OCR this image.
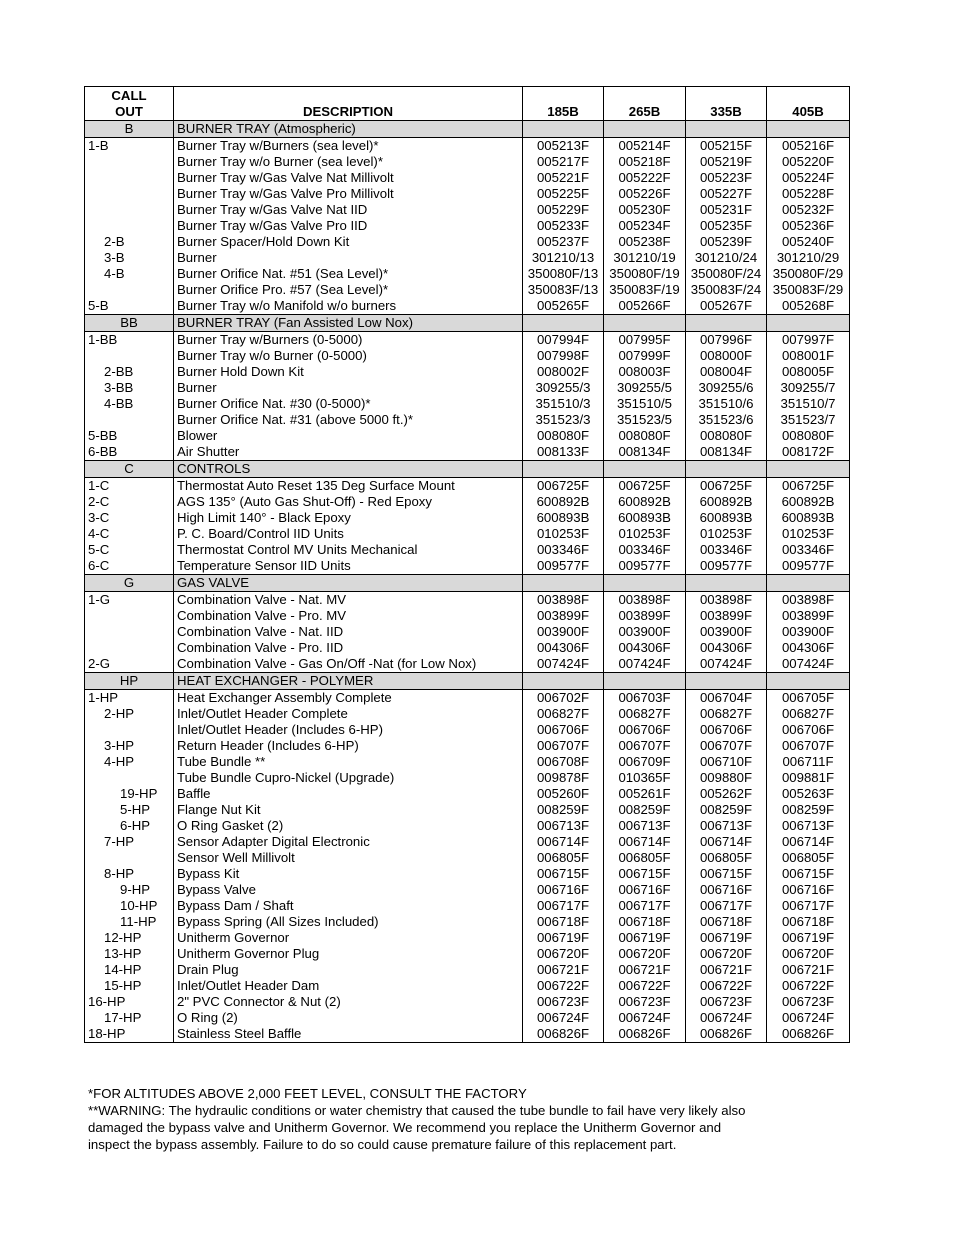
CALL
OUT	DESCRIPTION	185B	265B	335B	405B
B	BURNER TRAY (Atmospheric)				
1-B	Burner Tray w/Burners (sea level)*	005213F	005214F	005215F	005216F
	Burner Tray w/o Burner (sea level)*	005217F	005218F	005219F	005220F
	Burner Tray w/Gas Valve Nat Millivolt	005221F	005222F	005223F	005224F
	Burner Tray w/Gas Valve Pro Millivolt	005225F	005226F	005227F	005228F
	Burner Tray w/Gas Valve Nat IID	005229F	005230F	005231F	005232F
	Burner Tray w/Gas Valve Pro IID	005233F	005234F	005235F	005236F
2-B	Burner Spacer/Hold Down Kit	005237F	005238F	005239F	005240F
3-B	Burner	301210/13	301210/19	301210/24	301210/29
4-B	Burner Orifice Nat. #51 (Sea Level)*	350080F/13	350080F/19	350080F/24	350080F/29
	Burner Orifice Pro. #57 (Sea Level)*	350083F/13	350083F/19	350083F/24	350083F/29
5-B	Burner Tray w/o Manifold w/o burners	005265F	005266F	005267F	005268F
BB	BURNER TRAY (Fan Assisted Low Nox)				
1-BB	Burner Tray w/Burners (0-5000)	007994F	007995F	007996F	007997F
	Burner Tray w/o Burner (0-5000)	007998F	007999F	008000F	008001F
2-BB	Burner Hold Down Kit	008002F	008003F	008004F	008005F
3-BB	Burner	309255/3	309255/5	309255/6	309255/7
4-BB	Burner Orifice Nat. #30 (0-5000)*	351510/3	351510/5	351510/6	351510/7
	Burner Orifice Nat. #31 (above 5000 ft.)*	351523/3	351523/5	351523/6	351523/7
5-BB	Blower	008080F	008080F	008080F	008080F
6-BB	Air Shutter	008133F	008134F	008134F	008172F
C	CONTROLS				
1-C	Thermostat Auto Reset 135 Deg Surface Mount	006725F	006725F	006725F	006725F
2-C	AGS 135° (Auto Gas Shut-Off) - Red Epoxy	600892B	600892B	600892B	600892B
3-C	High Limit 140° - Black Epoxy	600893B	600893B	600893B	600893B
4-C	P. C. Board/Control IID Units	010253F	010253F	010253F	010253F
5-C	Thermostat Control MV Units Mechanical	003346F	003346F	003346F	003346F
6-C	Temperature Sensor IID Units	009577F	009577F	009577F	009577F
G	GAS VALVE				
1-G	Combination Valve - Nat. MV	003898F	003898F	003898F	003898F
	Combination Valve - Pro. MV	003899F	003899F	003899F	003899F
	Combination Valve - Nat. IID	003900F	003900F	003900F	003900F
	Combination Valve - Pro. IID	004306F	004306F	004306F	004306F
2-G	Combination Valve - Gas On/Off -Nat (for Low Nox)	007424F	007424F	007424F	007424F
HP	HEAT EXCHANGER - POLYMER				
1-HP	Heat Exchanger Assembly Complete	006702F	006703F	006704F	006705F
2-HP	Inlet/Outlet Header Complete	006827F	006827F	006827F	006827F
	Inlet/Outlet Header (Includes 6-HP)	006706F	006706F	006706F	006706F
3-HP	Return Header (Includes 6-HP)	006707F	006707F	006707F	006707F
4-HP	Tube Bundle **	006708F	006709F	006710F	006711F
	Tube Bundle Cupro-Nickel (Upgrade)	009878F	010365F	009880F	009881F
19-HP	Baffle	005260F	005261F	005262F	005263F
5-HP	Flange Nut Kit	008259F	008259F	008259F	008259F
6-HP	O Ring Gasket (2)	006713F	006713F	006713F	006713F
7-HP	Sensor Adapter Digital Electronic	006714F	006714F	006714F	006714F
	Sensor Well Millivolt	006805F	006805F	006805F	006805F
8-HP	Bypass Kit	006715F	006715F	006715F	006715F
9-HP	Bypass Valve	006716F	006716F	006716F	006716F
10-HP	Bypass Dam / Shaft	006717F	006717F	006717F	006717F
11-HP	Bypass Spring (All Sizes Included)	006718F	006718F	006718F	006718F
12-HP	Unitherm Governor	006719F	006719F	006719F	006719F
13-HP	Unitherm Governor Plug	006720F	006720F	006720F	006720F
14-HP	Drain Plug	006721F	006721F	006721F	006721F
15-HP	Inlet/Outlet Header Dam	006722F	006722F	006722F	006722F
16-HP	2" PVC Connector & Nut (2)	006723F	006723F	006723F	006723F
17-HP	O Ring (2)	006724F	006724F	006724F	006724F
18-HP	Stainless Steel Baffle	006826F	006826F	006826F	006826F

*FOR ALTITUDES ABOVE 2,000 FEET LEVEL, CONSULT THE FACTORY

**WARNING: The hydraulic conditions or water chemistry that caused the tube bundle to fail have very likely also

damaged the bypass valve and Unitherm Governor. We recommend you replace the Unitherm Governor and

inspect the bypass assembly. Failure to do so could cause premature failure of this replacement part.
